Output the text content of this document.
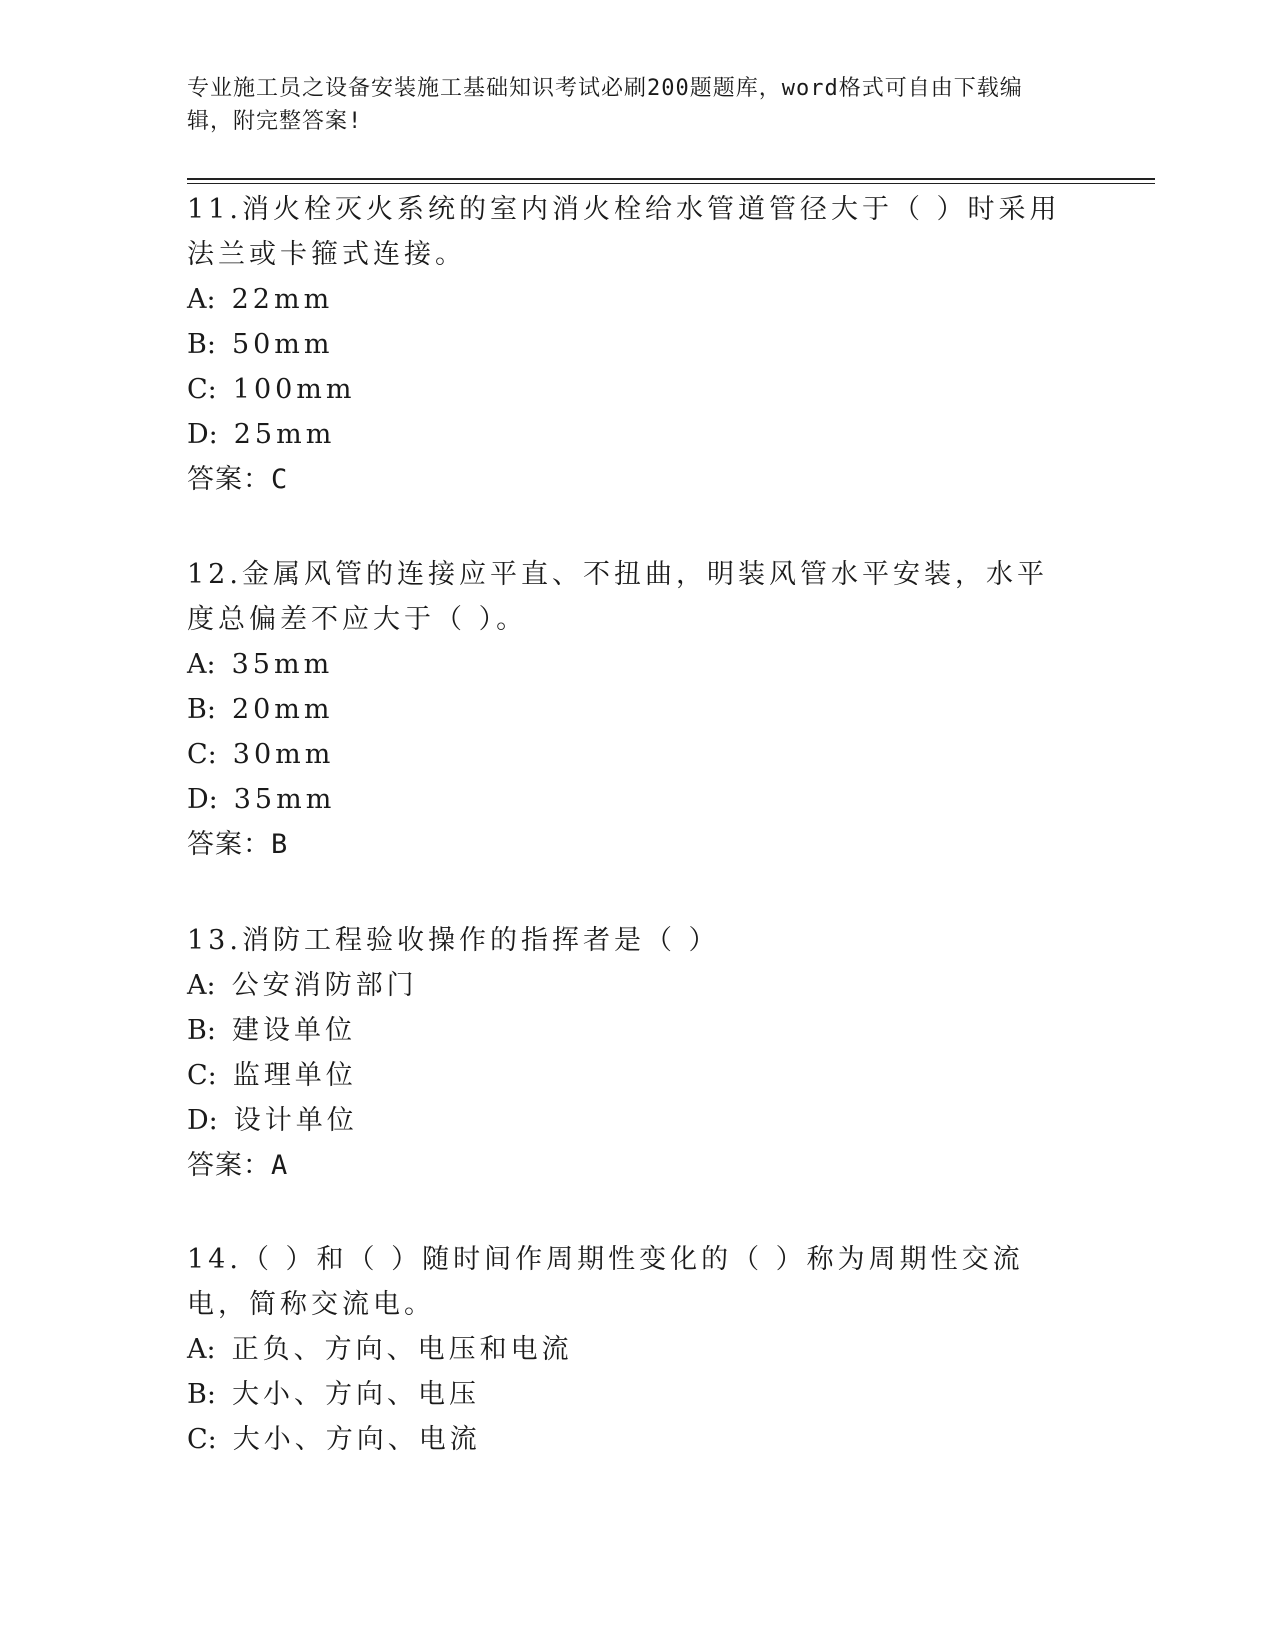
专业施工员之设备安装施工基础知识考试必刷200题题库，word格式可自由下载编辑，附完整答案!

11.消火栓灭火系统的室内消火栓给水管道管径大于（ ）时采用法兰或卡箍式连接。

A: 22mm
B: 50mm
C: 100mm
D: 25mm
答案：C

12.金属风管的连接应平直、不扭曲，明装风管水平安装，水平度总偏差不应大于（ ）。

A: 35mm
B: 20mm
C: 30mm
D: 35mm
答案：B

13.消防工程验收操作的指挥者是（ ）

A: 公安消防部门
B: 建设单位
C: 监理单位
D: 设计单位
答案：A

14.（ ）和（ ）随时间作周期性变化的（ ）称为周期性交流电，简称交流电。

A: 正负、方向、电压和电流
B: 大小、方向、电压
C: 大小、方向、电流
